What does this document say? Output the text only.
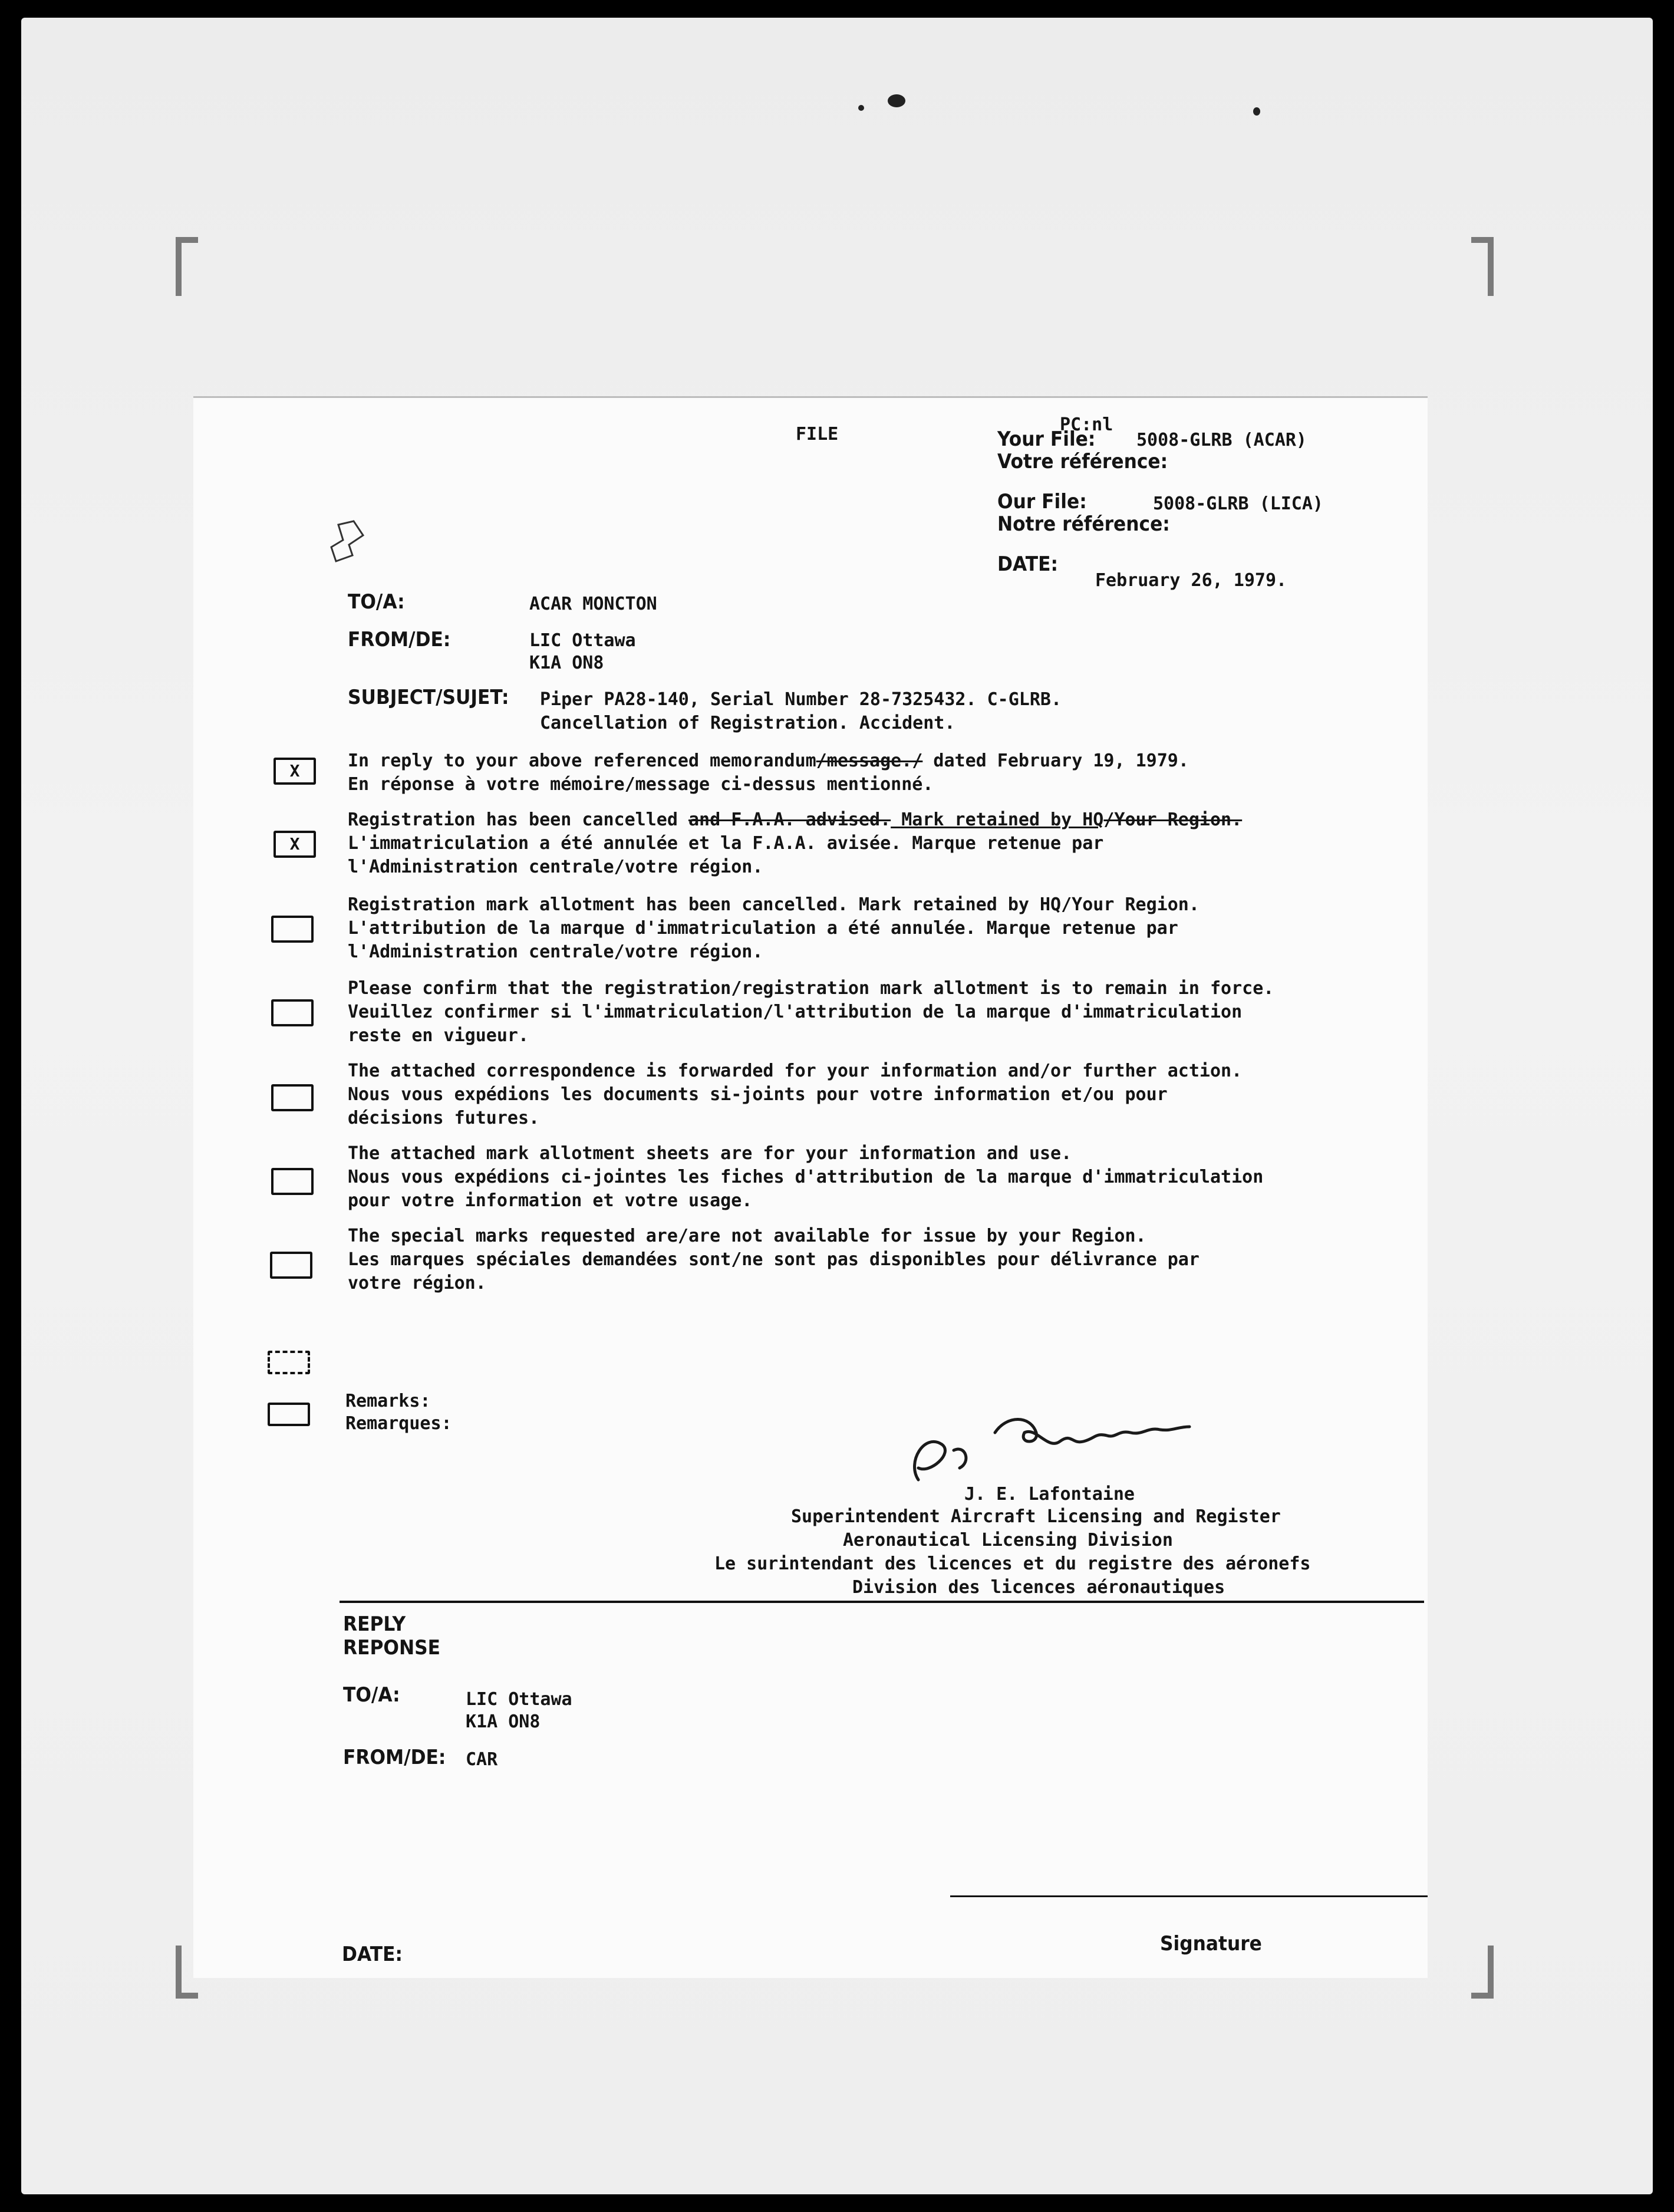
FILE	PC:nl
Your File: 5008-GLRB (ACAR)
Votre référence:
Our File:	5008-GLRB (LICA)
Notre référence:
DATE:
February 26, 1979.
TO/A:	ACAR MONCTON
FROM/DE:	LIC Ottawa
K1A ON8
SUBJECT/SUJET: Piper PA28-140, Serial Number 28-7325432. C-GLRB.
Cancellation of Registration. Accident.
X	In reply to your above referenced memorandum/message./ dated February 19, 1979.
En réponse à votre mémoire/message ci-dessus mentionné.
X
Registration has been cancelled and F.A.A. advised. Mark retained by HQ/Your Region.
L'immatriculation a été annulée et la F.A.A. avisée. Marque retenue par
l'Administration centrale/votre région.
Registration mark allotment has been cancelled. Mark retained by HQ/Your Region.
L'attribution de la marque d'immatriculation a été annulée. Marque retenue par
l'Administration centrale/votre région.
Please confirm that the registration/registration mark allotment is to remain in force.
Veuillez confirmer si l'immatriculation/l'attribution de la marque d'immatriculation
reste en vigueur.
The attached correspondence is forwarded for your information and/or further action.
Nous vous expédions les documents si-joints pour votre information et/ou pour
décisions futures.
The attached mark allotment sheets are for your information and use.
Nous vous expédions ci-jointes les fiches d'attribution de la marque d'immatriculation
pour votre information et votre usage.
The special marks requested are/are not available for issue by your Region.
Les marques spéciales demandées sont/ne sont pas disponibles pour délivrance par
votre région.
Remarks:
Remarques:
J. E. Lafontaine
Superintendent Aircraft Licensing and Register
Aeronautical Licensing Division
Le surintendant des licences et du registre des aéronefs
Division des licences aéronautiques
REPLY
REPONSE
TO/A:	LIC Ottawa
K1A ON8
FROM/DE: CAR
DATE:	Signature
